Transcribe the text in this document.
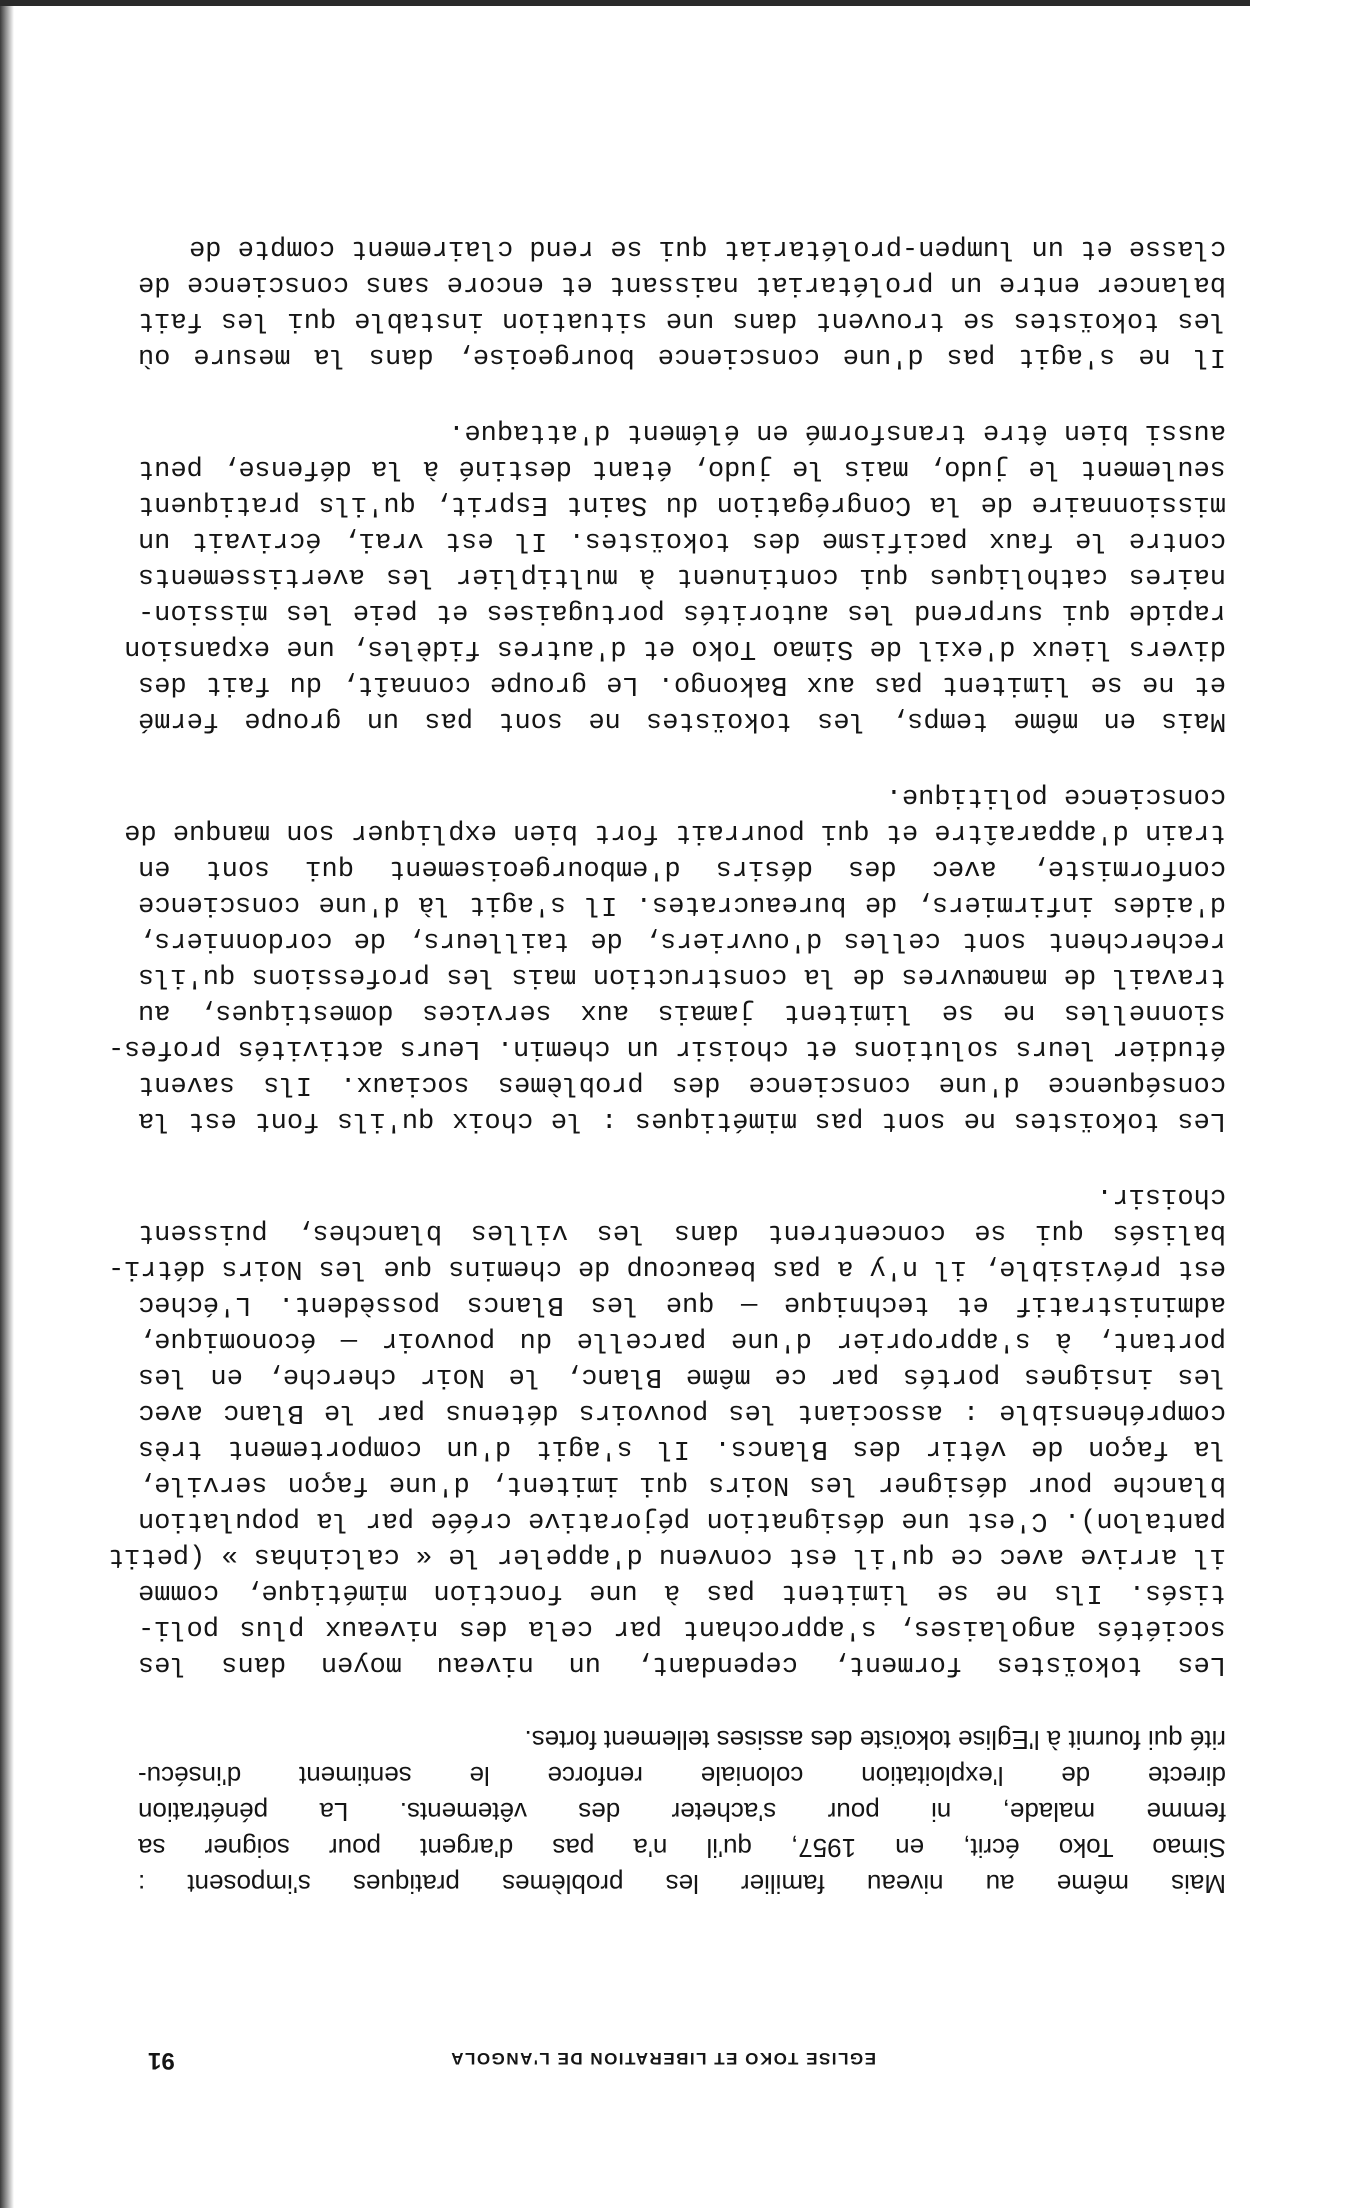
EGLISE TOKO ET LIBERATION DE L'ANGOLA
91
Mais même au niveau familier les problèmes pratiques s'imposent :
Simao Toko écrit, en 1957, qu'il n'a pas d'argent pour soigner sa
femme malade, ni pour s'acheter des vêtements. La pénétration
directe de l'exploitation coloniale renforce le sentiment d'insécu-
rité qui fournit à l'Eglise tokoïste des assises tellement fortes.
Les tokoïstes forment, cependant, un niveau moyen dans les
sociétés angolaises, s'approchant par cela des niveaux plus poli-
tisés. Ils ne se limitent pas à une fonction mimétique, comme
il arrive avec ce qu'il est convenu d'appeler le « calcinhas » (petit
pantalon). C'est une désignation péjorative créée par la population
blanche pour désigner les Noirs qui imitent, d'une façon servile,
la façon de vêtir des Blancs. Il s'agit d'un comportement très
compréhensible : associant les pouvoirs détenus par le Blanc avec
les insignes portés par ce même Blanc, le Noir cherche, en les
portant, à s'approprier d'une parcelle du pouvoir — économique,
administratif et technique — que les Blancs possèdent. L'échec
est prévisible, il n'y a pas beaucoup de chemins que les Noirs détri-
balisés qui se concentrent dans les villes blanches, puissent
choisir.
Les tokoïstes ne sont pas mimétiques : le choix qu'ils font est la
conséquence d'une conscience des problèmes sociaux. Ils savent
étudier leurs solutions et choisir un chemin. Leurs activités profes-
sionnelles ne se limitent jamais aux services domestiques, au
travail de manœuvres de la construction mais les professions qu'ils
recherchent sont celles d'ouvriers, de tailleurs, de cordonniers,
d'aides infirmiers, de bureaucrates. Il s'agit là d'une conscience
conformiste, avec des désirs d'embourgeoisement qui sont en
train d'apparaître et qui pourrait fort bien expliquer son manque de
conscience politique.
Mais en même temps, les tokoïstes ne sont pas un groupe fermé
et ne se limitent pas aux Bakongo. Le groupe connaît, du fait des
divers lieux d'exil de Simao Toko et d'autres fidèles, une expansion
rapide qui surprend les autorités portugaises et peie les mission-
naires catholiques qui continuent à multiplier les avertissements
contre le faux pacifisme des tokoïstes. Il est vrai, écrivait un
missionnaire de la Congrégation du Saint Esprit, qu'ils pratiquent
seulement le judo, mais le judo, étant destiné à la défense, peut
aussi bien être transformé en élément d'attaque.
Il ne s'agit pas d'une conscience bourgeoise, dans la mesure où
les tokoïstes se trouvent dans une situation instable qui les fait
balancer entre un prolétariat naissant et encore sans conscience de
classe et un lumpen-prolétariat qui se rend clairement compte de
